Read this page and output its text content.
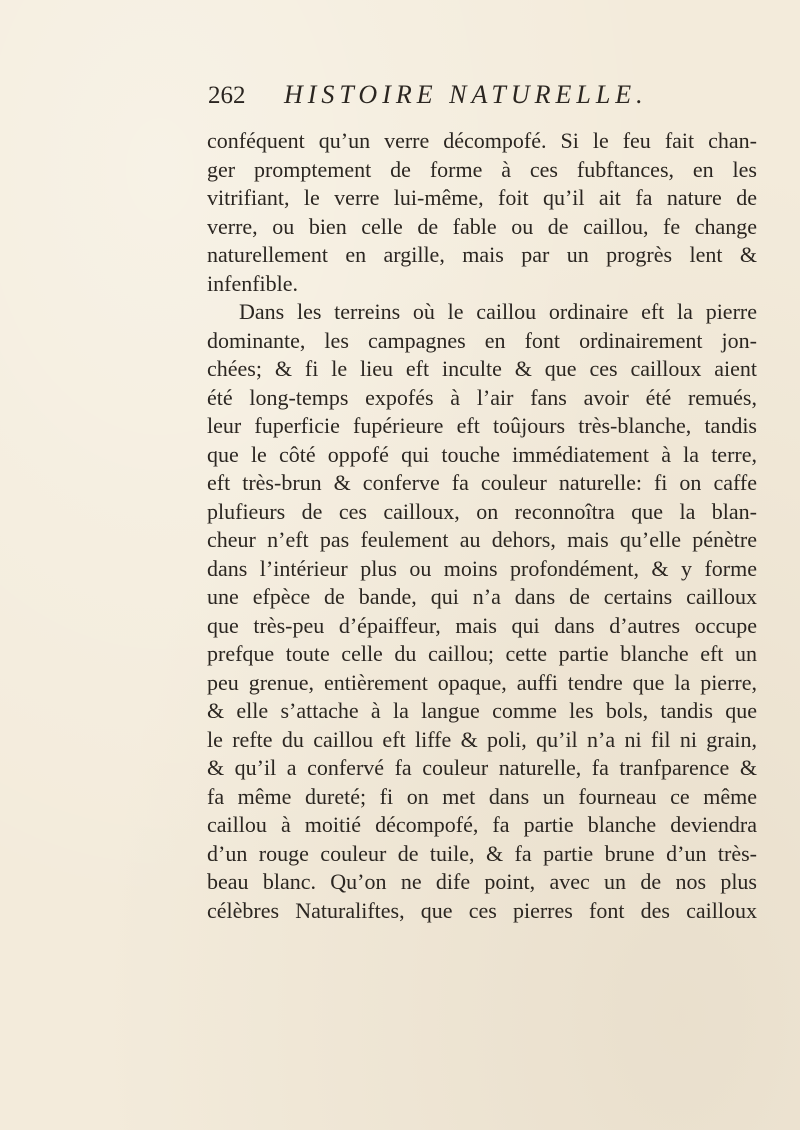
262	HISTOIRE NATURELLE.
conféquent qu’un verre décompofé. Si le feu fait chan-
ger promptement de forme à ces fubftances, en les
vitrifiant, le verre lui-même, foit qu’il ait fa nature de
verre, ou bien celle de fable ou de caillou, fe change
naturellement en argille, mais par un progrès lent &
infenfible.
Dans les terreins où le caillou ordinaire eft la pierre
dominante, les campagnes en font ordinairement jon-
chées; & fi le lieu eft inculte & que ces cailloux aient
été long-temps expofés à l’air fans avoir été remués,
leur fuperficie fupérieure eft toûjours très-blanche, tandis
que le côté oppofé qui touche immédiatement à la terre,
eft très-brun & conferve fa couleur naturelle: fi on caffe
plufieurs de ces cailloux, on reconnoîtra que la blan-
cheur n’eft pas feulement au dehors, mais qu’elle pénètre
dans l’intérieur plus ou moins profondément, & y forme
une efpèce de bande, qui n’a dans de certains cailloux
que très-peu d’épaiffeur, mais qui dans d’autres occupe
prefque toute celle du caillou; cette partie blanche eft un
peu grenue, entièrement opaque, auffi tendre que la pierre,
& elle s’attache à la langue comme les bols, tandis que
le refte du caillou eft liffe & poli, qu’il n’a ni fil ni grain,
& qu’il a confervé fa couleur naturelle, fa tranfparence &
fa même dureté; fi on met dans un fourneau ce même
caillou à moitié décompofé, fa partie blanche deviendra
d’un rouge couleur de tuile, & fa partie brune d’un très-
beau blanc. Qu’on ne dife point, avec un de nos plus
célèbres Naturaliftes, que ces pierres font des cailloux
